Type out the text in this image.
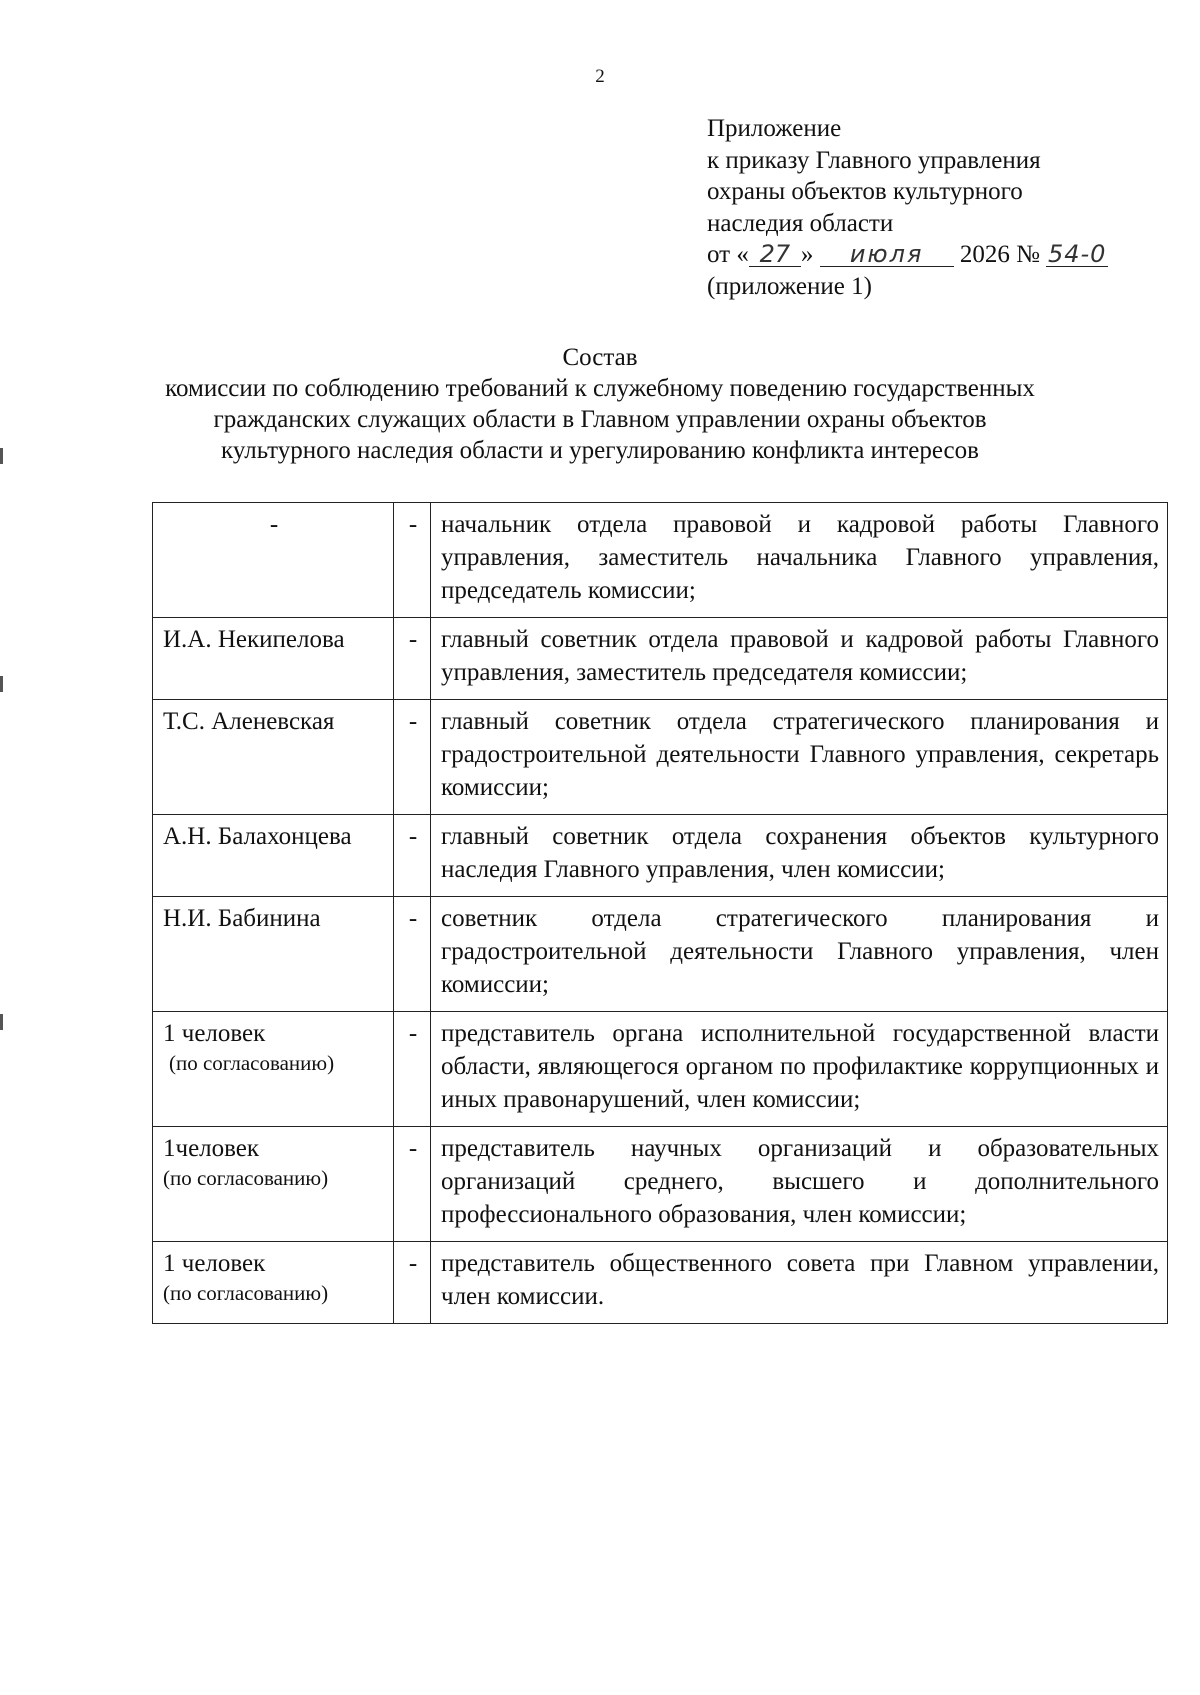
2
Приложение
к приказу Главного управления
охраны объектов культурного
наследия области
от « 27 » июля 2026 № 54-0
(приложение 1)
Состав
комиссии по соблюдению требований к служебному поведению государственных
гражданских служащих области в Главном управлении охраны объектов
культурного наследия области и урегулированию конфликта интересов
-	-	начальник отдела правовой и кадровой работы Главного управления, заместитель начальника Главного управления, председатель комиссии;

И.А. Некипелова	-	главный советник отдела правовой и кадровой работы Главного управления, заместитель председателя комиссии;

Т.С. Аленевская	-	главный советник отдела стратегического планирования и градостроительной деятельности Главного управления, секретарь комиссии;

А.Н. Балахонцева	-	главный советник отдела сохранения объектов культурного наследия Главного управления, член комиссии;

Н.И. Бабинина	-	советник отдела стратегического планирования и градостроительной деятельности Главного управления, член комиссии;

1 человек
(по согласованию)	-	представитель органа исполнительной государственной власти области, являющегося органом по профилактике коррупционных и иных правонарушений, член комиссии;

1человек
(по согласованию)	-	представитель научных организаций и образовательных организаций среднего, высшего и дополнительного профессионального образования, член комиссии;

1 человек
(по согласованию)	-	представитель общественного совета при Главном управлении, член комиссии.
